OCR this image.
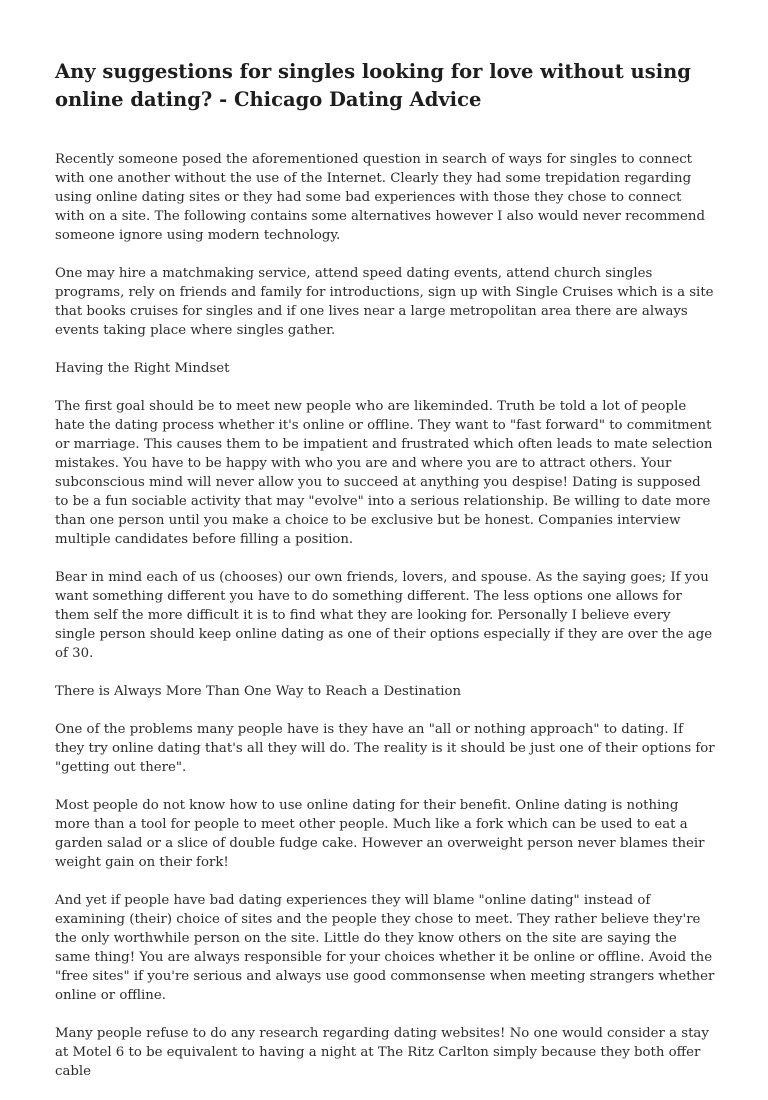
Any suggestions for singles looking for love without using online dating? - Chicago Dating Advice

Recently someone posed the aforementioned question in search of ways for singles to connect with one another without the use of the Internet. Clearly they had some trepidation regarding using online dating sites or they had some bad experiences with those they chose to connect with on a site. The following contains some alternatives however I also would never recommend someone ignore using modern technology.

One may hire a matchmaking service, attend speed dating events, attend church singles programs, rely on friends and family for introductions, sign up with Single Cruises which is a site that books cruises for singles and if one lives near a large metropolitan area there are always events taking place where singles gather.

Having the Right Mindset

The first goal should be to meet new people who are likeminded. Truth be told a lot of people hate the dating process whether it's online or offline. They want to "fast forward" to commitment or marriage. This causes them to be impatient and frustrated which often leads to mate selection mistakes. You have to be happy with who you are and where you are to attract others. Your subconscious mind will never allow you to succeed at anything you despise! Dating is supposed to be a fun sociable activity that may "evolve" into a serious relationship. Be willing to date more than one person until you make a choice to be exclusive but be honest. Companies interview multiple candidates before filling a position.

Bear in mind each of us (chooses) our own friends, lovers, and spouse. As the saying goes; If you want something different you have to do something different. The less options one allows for them self the more difficult it is to find what they are looking for. Personally I believe every single person should keep online dating as one of their options especially if they are over the age of 30.

There is Always More Than One Way to Reach a Destination

One of the problems many people have is they have an "all or nothing approach" to dating. If they try online dating that's all they will do. The reality is it should be just one of their options for "getting out there".

Most people do not know how to use online dating for their benefit. Online dating is nothing more than a tool for people to meet other people. Much like a fork which can be used to eat a garden salad or a slice of double fudge cake. However an overweight person never blames their weight gain on their fork!

And yet if people have bad dating experiences they will blame "online dating" instead of examining (their) choice of sites and the people they chose to meet. They rather believe they're the only worthwhile person on the site. Little do they know others on the site are saying the same thing! You are always responsible for your choices whether it be online or offline. Avoid the "free sites" if you're serious and always use good commonsense when meeting strangers whether online or offline.

Many people refuse to do any research regarding dating websites! No one would consider a stay at Motel 6 to be equivalent to having a night at The Ritz Carlton simply because they both offer cable
